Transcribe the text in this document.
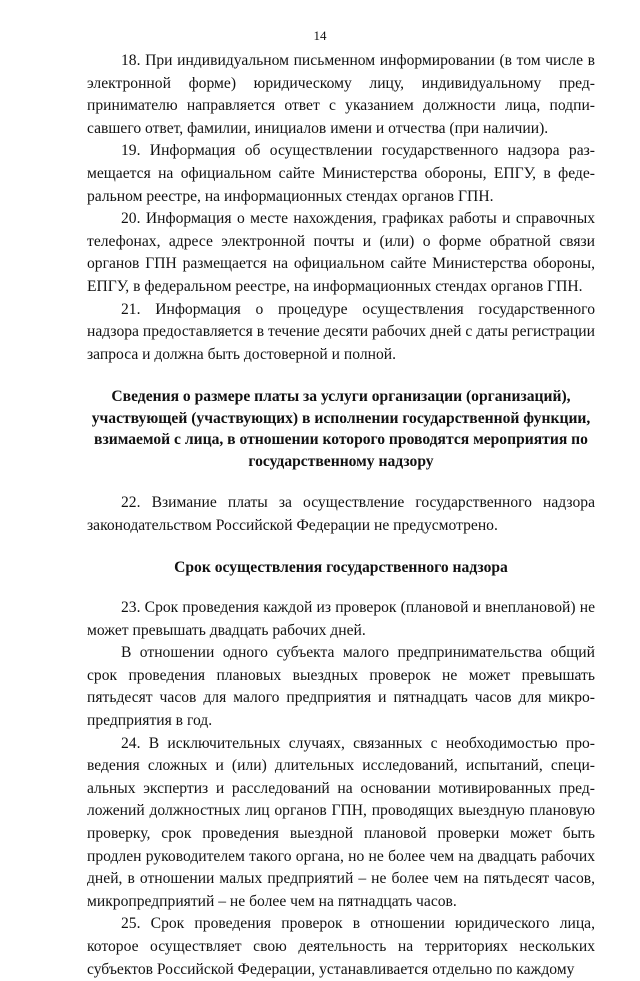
14

18. При индивидуальном письменном информировании (в том числе в электронной форме) юридическому лицу, индивидуальному предпринимателю направляется ответ с указанием должности лица, подписавшего ответ, фамилии, инициалов имени и отчества (при наличии).

19. Информация об осуществлении государственного надзора размещается на официальном сайте Министерства обороны, ЕПГУ, в федеральном реестре, на информационных стендах органов ГПН.

20. Информация о месте нахождения, графиках работы и справочных телефонах, адресе электронной почты и (или) о форме обратной связи органов ГПН размещается на официальном сайте Министерства обороны, ЕПГУ, в федеральном реестре, на информационных стендах органов ГПН.

21. Информация о процедуре осуществления государственного надзора предоставляется в течение десяти рабочих дней с даты регистрации запроса и должна быть достоверной и полной.

Сведения о размере платы за услуги организации (организаций), участвующей (участвующих) в исполнении государственной функции, взимаемой с лица, в отношении которого проводятся мероприятия по государственному надзору

22. Взимание платы за осуществление государственного надзора законодательством Российской Федерации не предусмотрено.

Срок осуществления государственного надзора

23. Срок проведения каждой из проверок (плановой и внеплановой) не может превышать двадцать рабочих дней.

В отношении одного субъекта малого предпринимательства общий срок проведения плановых выездных проверок не может превышать пятьдесят часов для малого предприятия и пятнадцать часов для микропредприятия в год.

24. В исключительных случаях, связанных с необходимостью проведения сложных и (или) длительных исследований, испытаний, специальных экспертиз и расследований на основании мотивированных предложений должностных лиц органов ГПН, проводящих выездную плановую проверку, срок проведения выездной плановой проверки может быть продлен руководителем такого органа, но не более чем на двадцать рабочих дней, в отношении малых предприятий – не более чем на пятьдесят часов, микропредприятий – не более чем на пятнадцать часов.

25. Срок проведения проверок в отношении юридического лица, которое осуществляет свою деятельность на территориях нескольких субъектов Российской Федерации, устанавливается отдельно по каждому
